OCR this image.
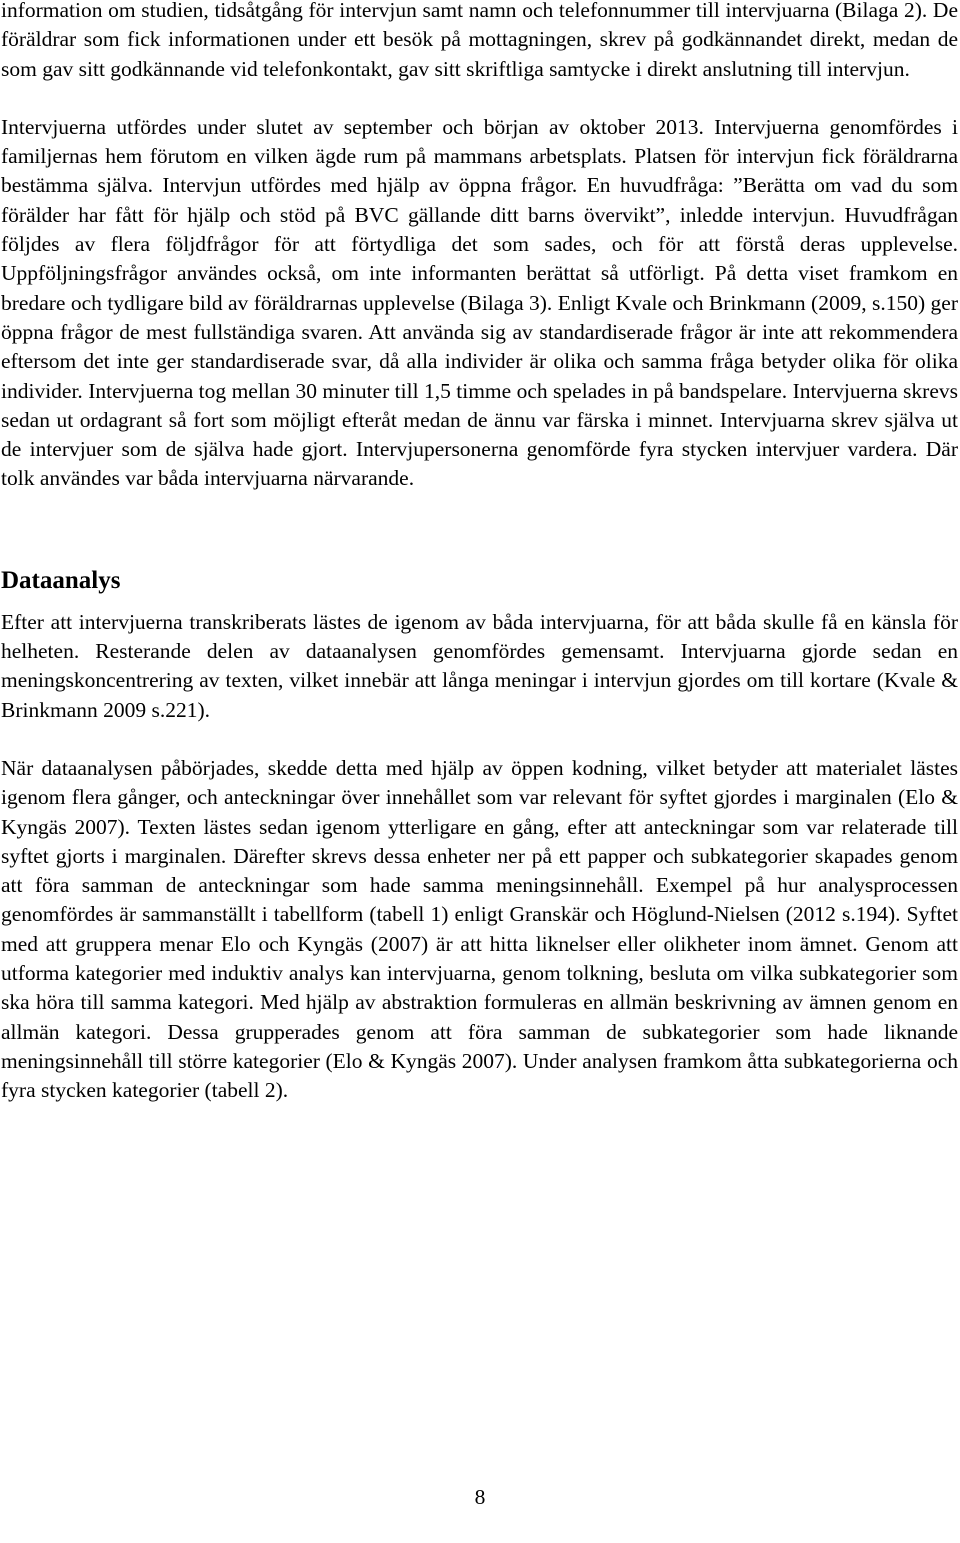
information om studien, tidsåtgång för intervjun samt namn och telefonnummer till intervjuarna (Bilaga 2). De föräldrar som fick informationen under ett besök på mottagningen, skrev på godkännandet direkt, medan de som gav sitt godkännande vid telefonkontakt, gav sitt skriftliga samtycke i direkt anslutning till intervjun.

Intervjuerna utfördes under slutet av september och början av oktober 2013. Intervjuerna genomfördes i familjernas hem förutom en vilken ägde rum på mammans arbetsplats. Platsen för intervjun fick föräldrarna bestämma själva. Intervjun utfördes med hjälp av öppna frågor. En huvudfråga: ”Berätta om vad du som förälder har fått för hjälp och stöd på BVC gällande ditt barns övervikt”, inledde intervjun. Huvudfrågan följdes av flera följdfrågor för att förtydliga det som sades, och för att förstå deras upplevelse. Uppföljningsfrågor användes också, om inte informanten berättat så utförligt. På detta viset framkom en bredare och tydligare bild av föräldrarnas upplevelse (Bilaga 3). Enligt Kvale och Brinkmann (2009, s.150) ger öppna frågor de mest fullständiga svaren. Att använda sig av standardiserade frågor är inte att rekommendera eftersom det inte ger standardiserade svar, då alla individer är olika och samma fråga betyder olika för olika individer. Intervjuerna tog mellan 30 minuter till 1,5 timme och spelades in på bandspelare. Intervjuerna skrevs sedan ut ordagrant så fort som möjligt efteråt medan de ännu var färska i minnet. Intervjuarna skrev själva ut de intervjuer som de själva hade gjort. Intervjupersonerna genomförde fyra stycken intervjuer vardera. Där tolk användes var båda intervjuarna närvarande.

Dataanalys

Efter att intervjuerna transkriberats lästes de igenom av båda intervjuarna, för att båda skulle få en känsla för helheten. Resterande delen av dataanalysen genomfördes gemensamt. Intervjuarna gjorde sedan en meningskoncentrering av texten, vilket innebär att långa meningar i intervjun gjordes om till kortare (Kvale & Brinkmann 2009 s.221).

När dataanalysen påbörjades, skedde detta med hjälp av öppen kodning, vilket betyder att materialet lästes igenom flera gånger, och anteckningar över innehållet som var relevant för syftet gjordes i marginalen (Elo & Kyngäs 2007). Texten lästes sedan igenom ytterligare en gång, efter att anteckningar som var relaterade till syftet gjorts i marginalen. Därefter skrevs dessa enheter ner på ett papper och subkategorier skapades genom att föra samman de anteckningar som hade samma meningsinnehåll. Exempel på hur analysprocessen genomfördes är sammanställt i tabellform (tabell 1) enligt Granskär och Höglund-Nielsen (2012 s.194). Syftet med att gruppera menar Elo och Kyngäs (2007) är att hitta liknelser eller olikheter inom ämnet. Genom att utforma kategorier med induktiv analys kan intervjuarna, genom tolkning, besluta om vilka subkategorier som ska höra till samma kategori. Med hjälp av abstraktion formuleras en allmän beskrivning av ämnen genom en allmän kategori. Dessa grupperades genom att föra samman de subkategorier som hade liknande meningsinnehåll till större kategorier (Elo & Kyngäs 2007). Under analysen framkom åtta subkategorierna och fyra stycken kategorier (tabell 2).

8
